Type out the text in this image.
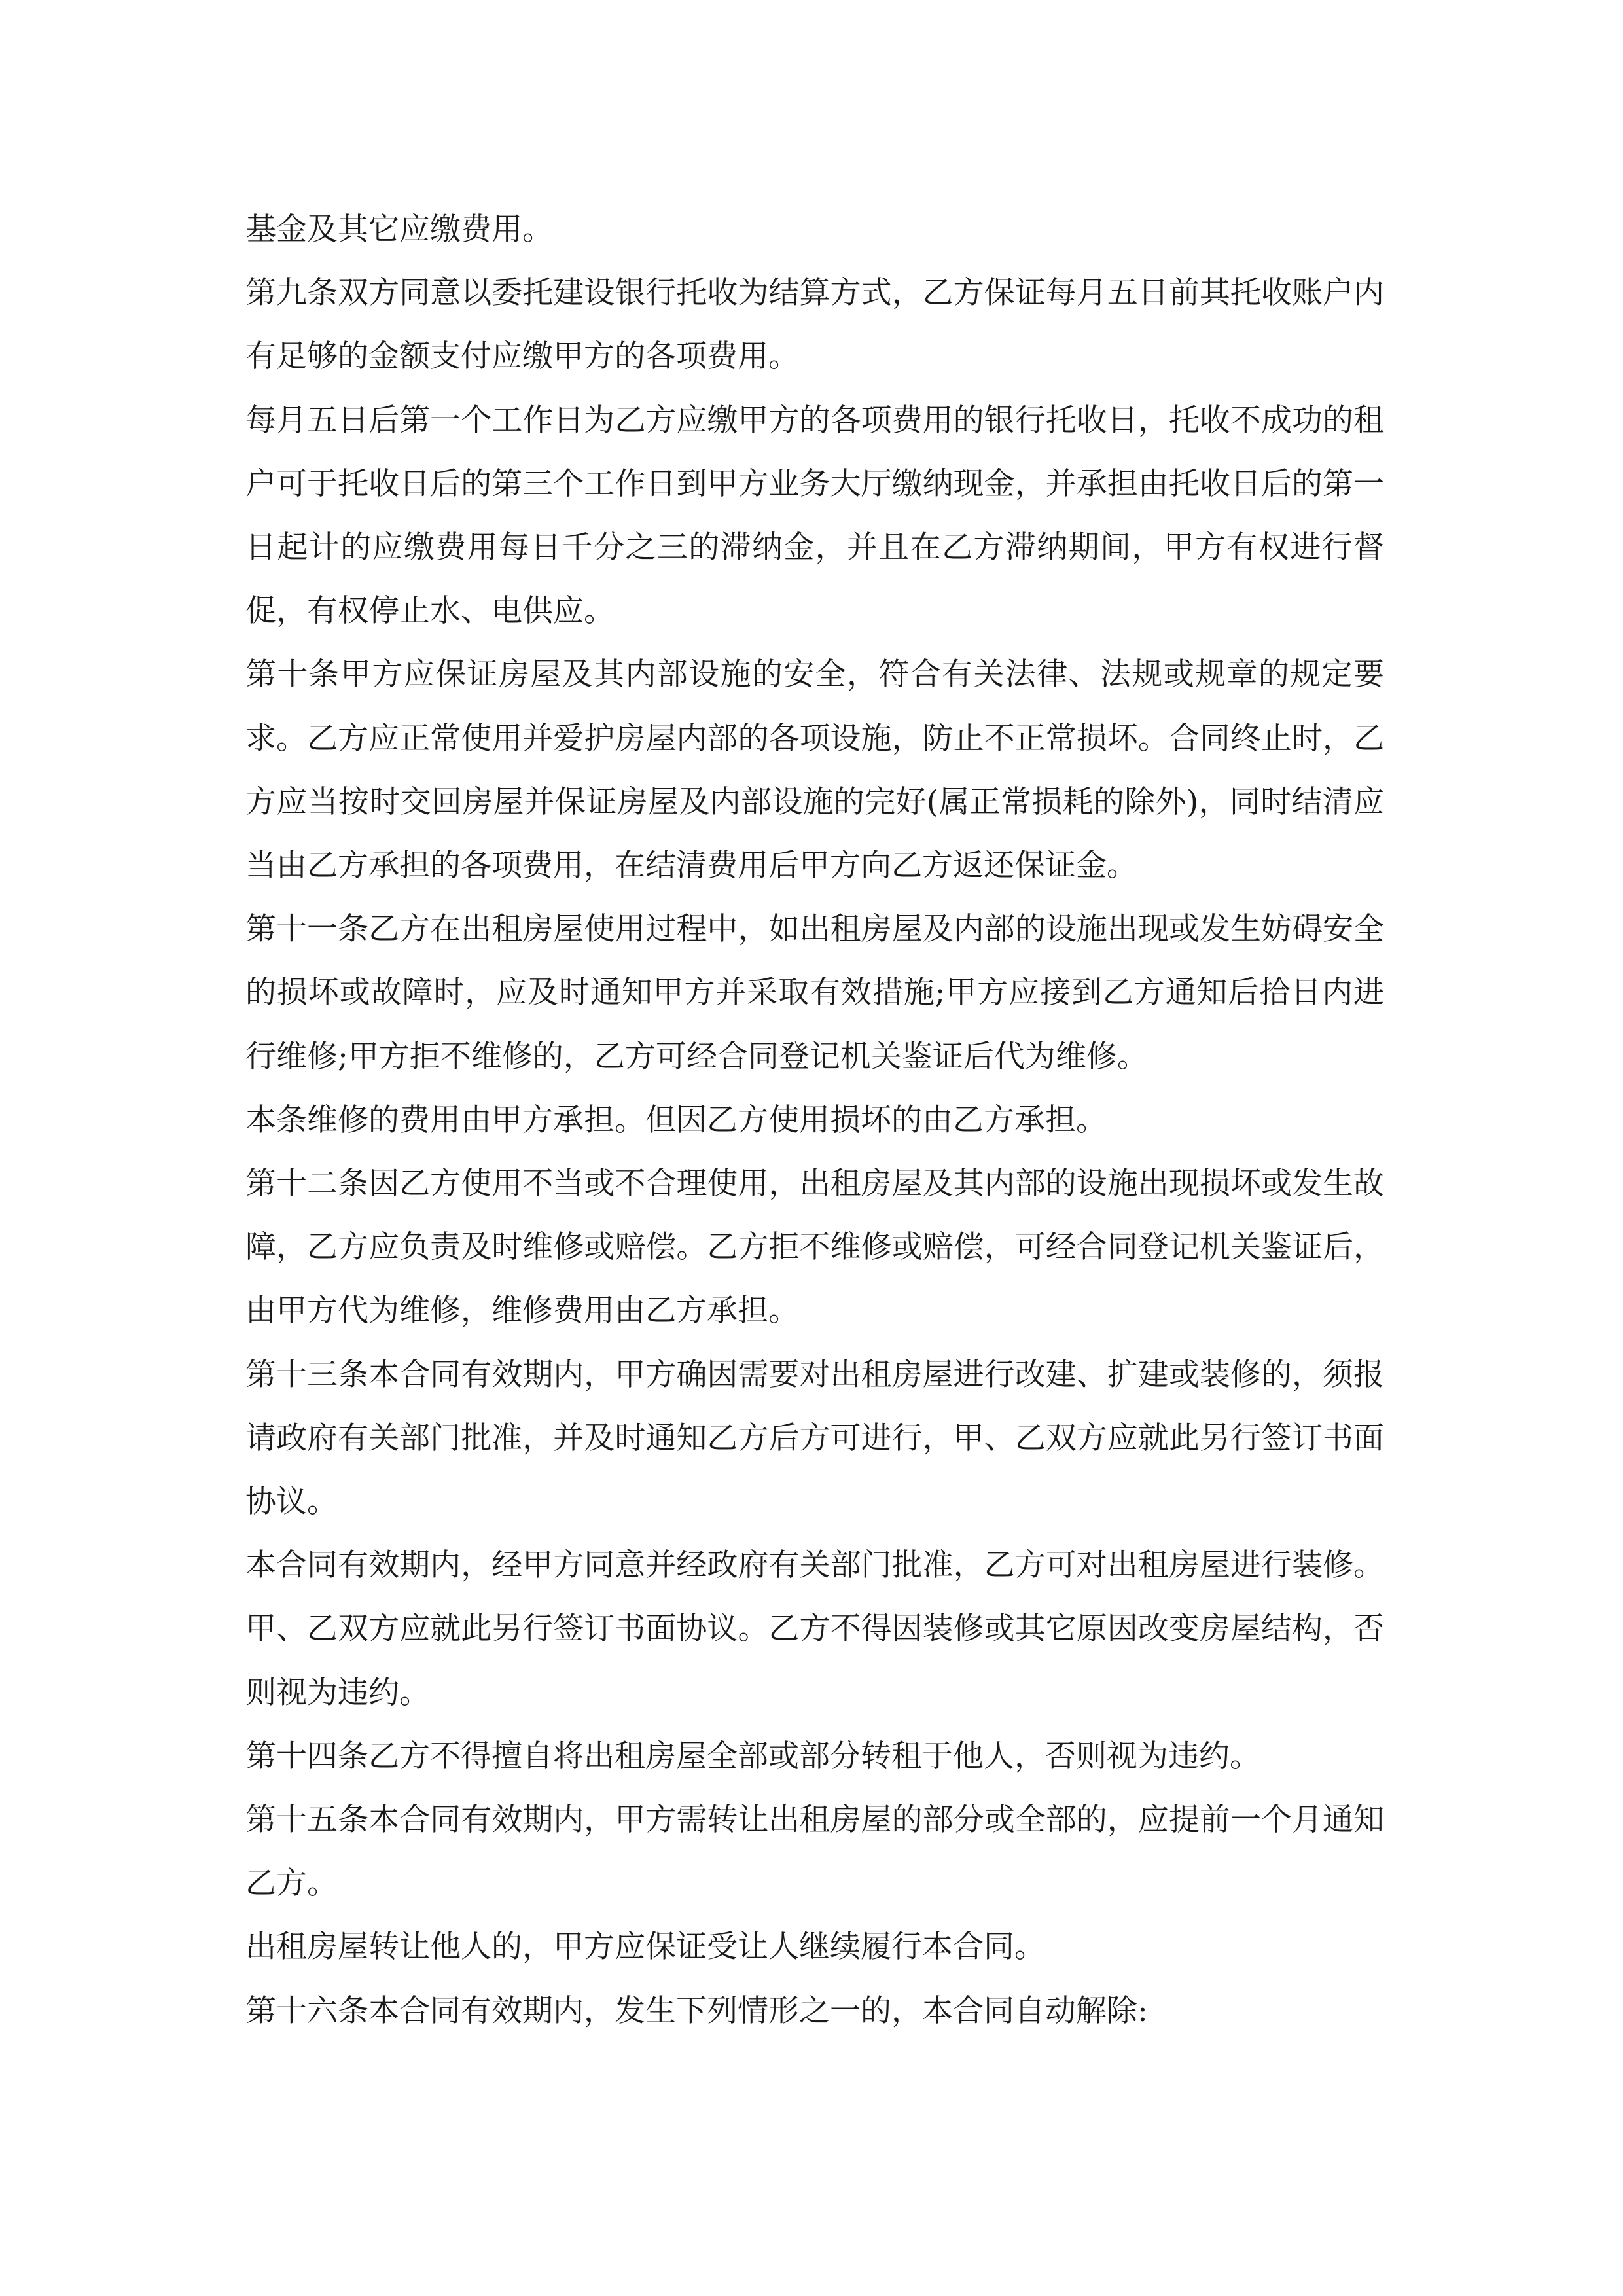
基金及其它应缴费用。

第九条双方同意以委托建设银行托收为结算方式，乙方保证每月五日前其托收账户内有足够的金额支付应缴甲方的各项费用。

每月五日后第一个工作日为乙方应缴甲方的各项费用的银行托收日，托收不成功的租户可于托收日后的第三个工作日到甲方业务大厅缴纳现金，并承担由托收日后的第一日起计的应缴费用每日千分之三的滞纳金，并且在乙方滞纳期间，甲方有权进行督促，有权停止水、电供应。

第十条甲方应保证房屋及其内部设施的安全，符合有关法律、法规或规章的规定要求。乙方应正常使用并爱护房屋内部的各项设施，防止不正常损坏。合同终止时，乙方应当按时交回房屋并保证房屋及内部设施的完好(属正常损耗的除外)，同时结清应当由乙方承担的各项费用，在结清费用后甲方向乙方返还保证金。

第十一条乙方在出租房屋使用过程中，如出租房屋及内部的设施出现或发生妨碍安全的损坏或故障时，应及时通知甲方并采取有效措施;甲方应接到乙方通知后拾日内进行维修;甲方拒不维修的，乙方可经合同登记机关鉴证后代为维修。

本条维修的费用由甲方承担。但因乙方使用损坏的由乙方承担。

第十二条因乙方使用不当或不合理使用，出租房屋及其内部的设施出现损坏或发生故障，乙方应负责及时维修或赔偿。乙方拒不维修或赔偿，可经合同登记机关鉴证后，由甲方代为维修，维修费用由乙方承担。

第十三条本合同有效期内，甲方确因需要对出租房屋进行改建、扩建或装修的，须报请政府有关部门批准，并及时通知乙方后方可进行，甲、乙双方应就此另行签订书面协议。

本合同有效期内，经甲方同意并经政府有关部门批准，乙方可对出租房屋进行装修。甲、乙双方应就此另行签订书面协议。乙方不得因装修或其它原因改变房屋结构，否则视为违约。

第十四条乙方不得擅自将出租房屋全部或部分转租于他人，否则视为违约。

第十五条本合同有效期内，甲方需转让出租房屋的部分或全部的，应提前一个月通知乙方。

出租房屋转让他人的，甲方应保证受让人继续履行本合同。

第十六条本合同有效期内，发生下列情形之一的，本合同自动解除:
